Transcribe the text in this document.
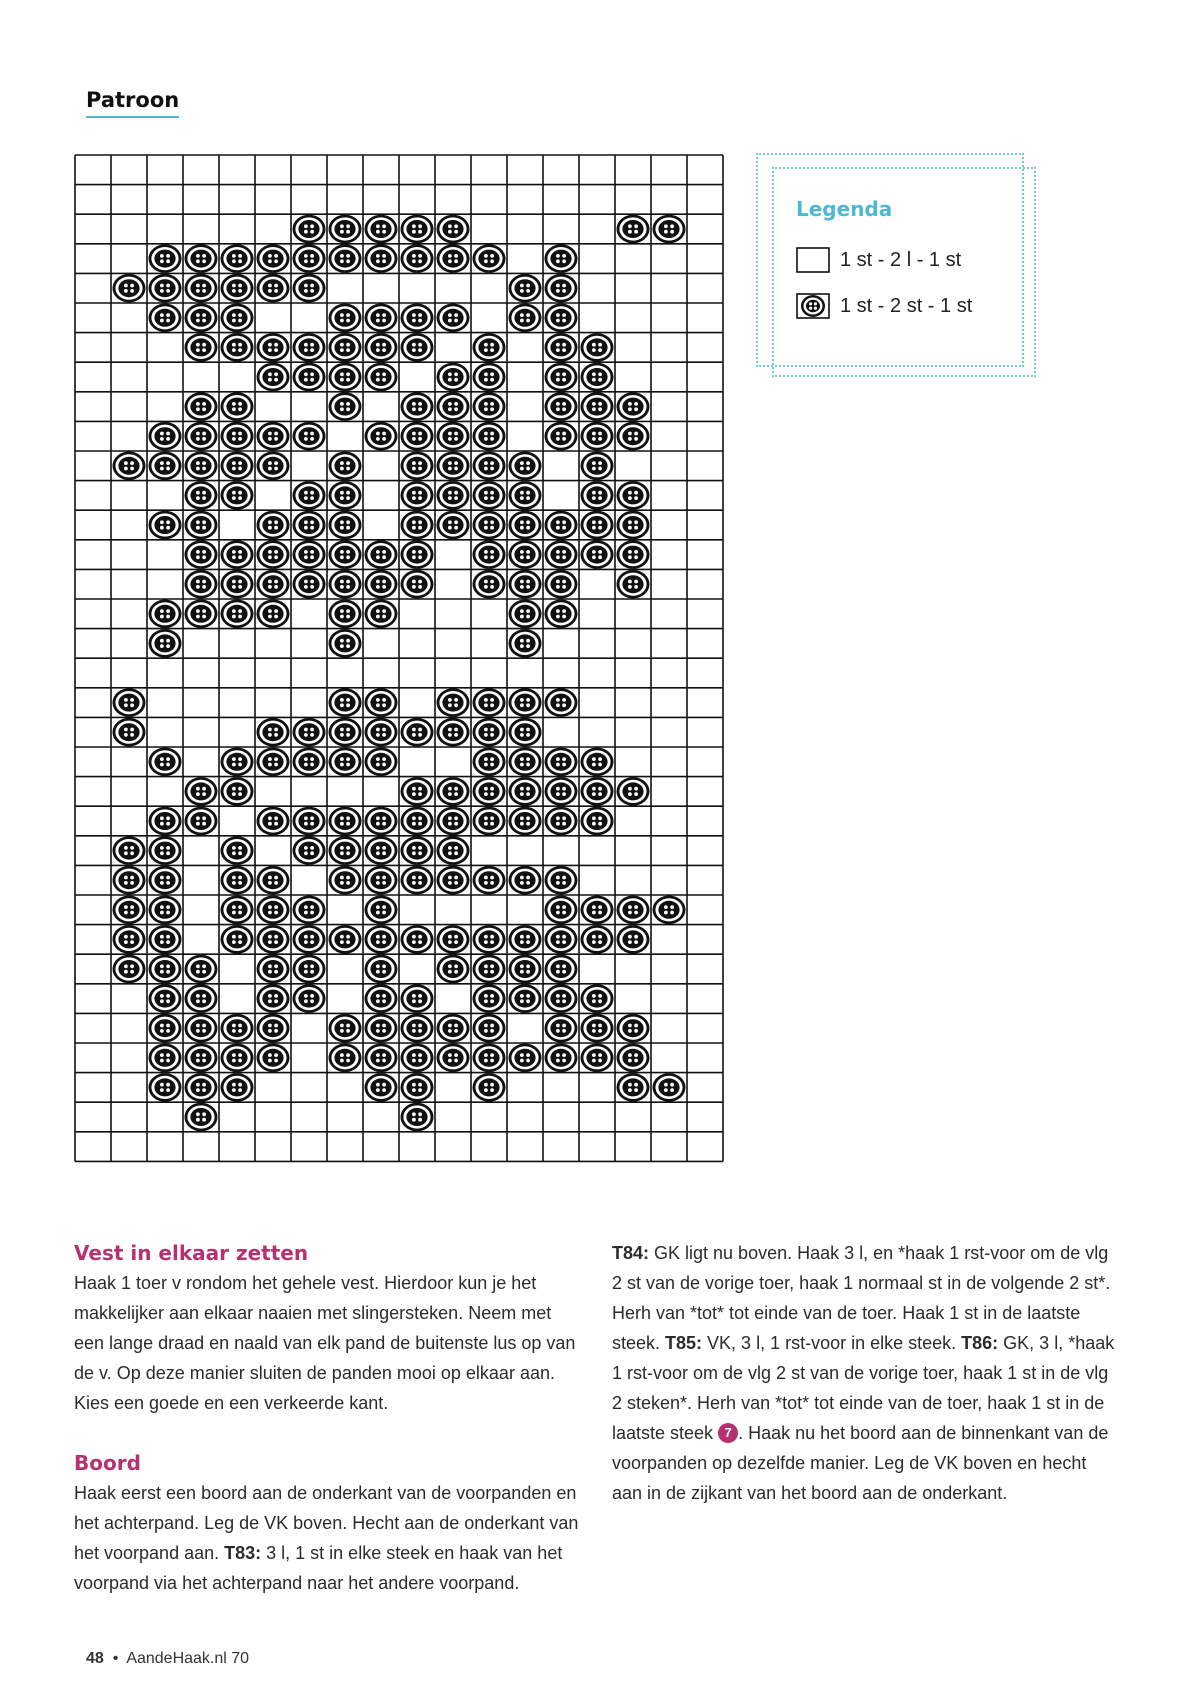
Patroon
Legenda
1 st - 2 l - 1 st
1 st - 2 st - 1 st
Vest in elkaar zetten

Haak 1 toer v rondom het gehele vest. Hierdoor kun je het makkelijker aan elkaar naaien met slingersteken. Neem met een lange draad en naald van elk pand de buitenste lus op van de v. Op deze manier sluiten de panden mooi op elkaar aan. Kies een goede en een verkeerde kant.

Boord

Haak eerst een boord aan de onderkant van de voorpanden en het achterpand. Leg de VK boven. Hecht aan de onderkant van het voorpand aan. T83: 3 l, 1 st in elke steek en haak van het voorpand via het achterpand naar het andere voorpand.

T84: GK ligt nu boven. Haak 3 l, en *haak 1 rst-voor om de vlg 2 st van de vorige toer, haak 1 normaal st in de volgende 2 st*. Herh van *tot* tot einde van de toer. Haak 1 st in de laatste steek. T85: VK, 3 l, 1 rst-voor in elke steek. T86: GK, 3 l, *haak 1 rst-voor om de vlg 2 st van de vorige toer, haak 1 st in de vlg 2 steken*. Herh van *tot* tot einde van de toer, haak 1 st in de laatste steek 7 . Haak nu het boord aan de binnenkant van de voorpanden op dezelfde manier. Leg de VK boven en hecht aan in de zijkant van het boord aan de onderkant.

48 • AandeHaak.nl 70
